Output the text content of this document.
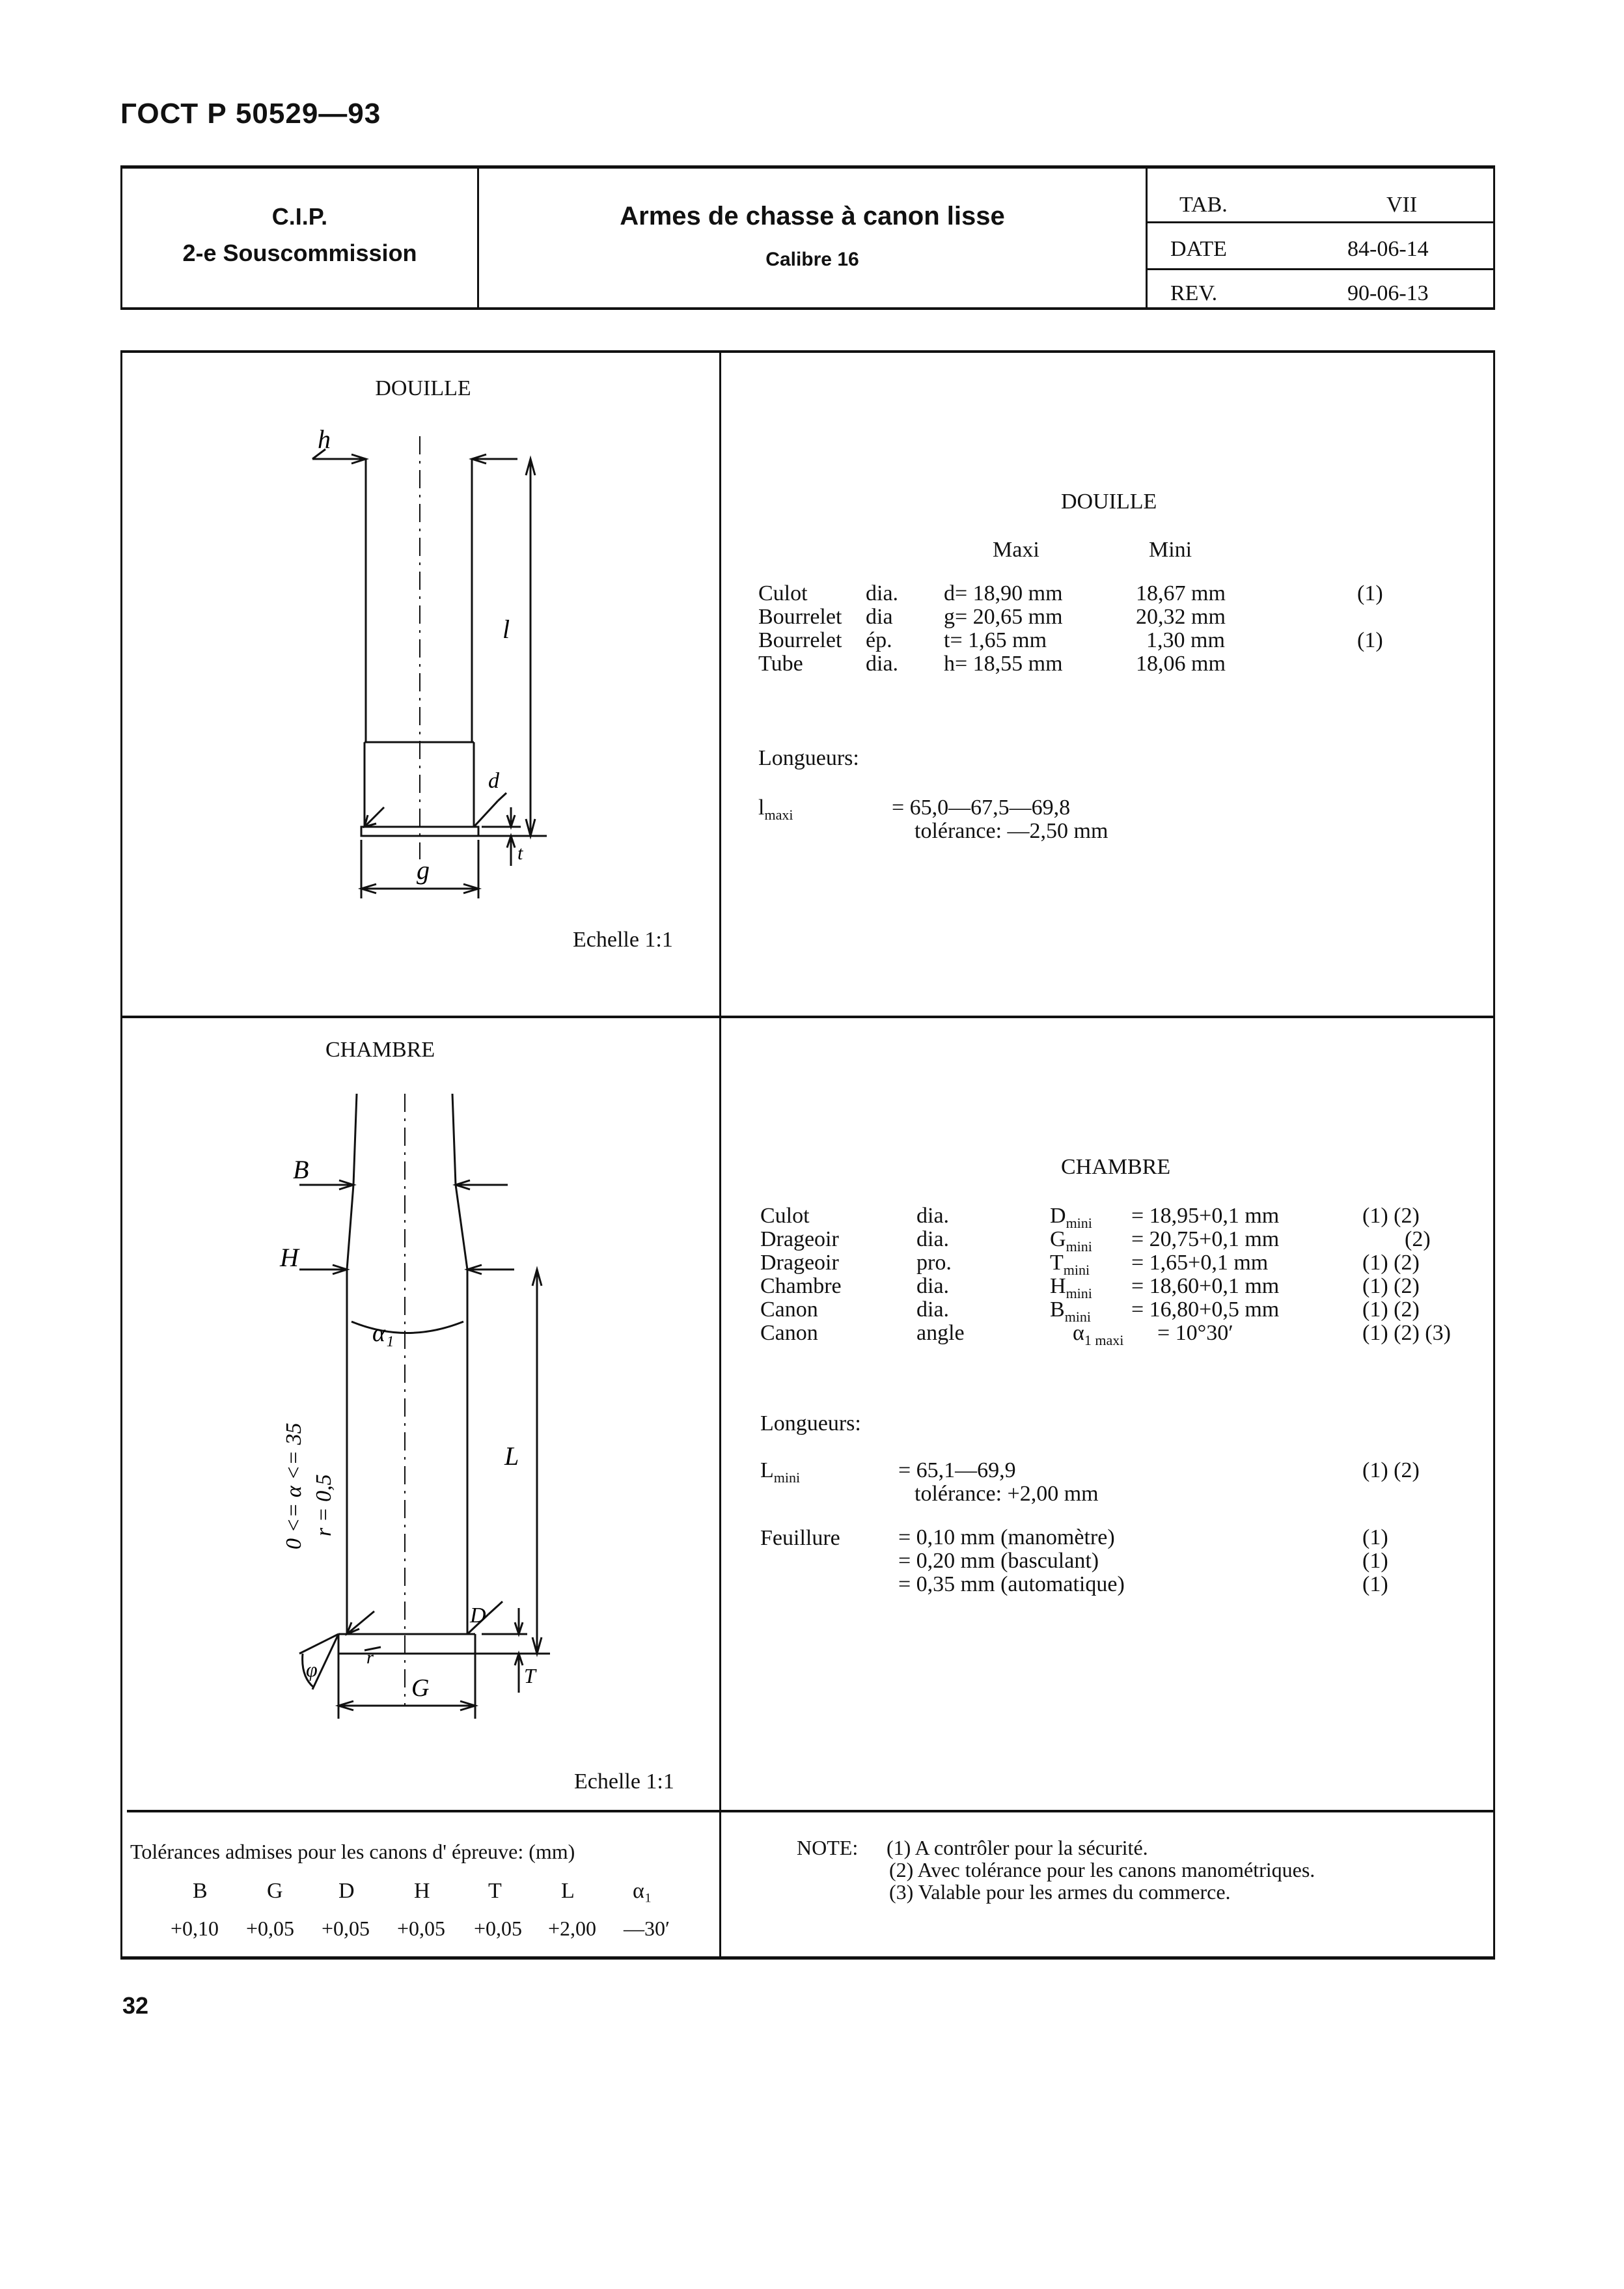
ГОСТ Р 50529—93
C.I.P.
2-e Souscommission
Armes de chasse à canon lisse
Calibre 16
TAB.	VII
DATE	84-06-14
REV.	90-06-13
DOUILLE
h
l
d
g
t
Echelle 1:1
DOUILLE
Maxi	Mini
Culot	dia. d= 18,90 mm	18,67 mm	(1)
Bourrelet dia g= 20,65 mm	20,32 mm
Bourrelet ép. t= 1,65 mm	1,30 mm	(1)
Tube	dia. h= 18,55 mm	18,06 mm
Longueurs:
$l_{maxi}$	= 65,0—67,5—69,8
tolérance: —2,50 mm
CHAMBRE
B
H
α₁
L
D
G	T
φ	r
0 <= α <= 35 r = 0,5
Echelle 1:1
CHAMBRE
Culot	dia.	$D_{mini} = 18,95+0,1$ mm	(1) (2)
Drageoir	dia.	$G_{mini} = 20,75+0,1$ mm	(2)
Drageoir	pro.	$T_{mini} = 1,65+0,1$ mm	(1) (2)
Chambre	dia.	$H_{mini} = 18,60+0,1$ mm	(1) (2)
Canon	dia.	$B_{mini} = 16,80+0,5$ mm	(1) (2)
Canon	angle	$\alpha_{1 maxi} = 10^\circ 30'$	(1) (2) (3)
Longueurs:
$L_{mini}$	= 65,1—69,9	(1) (2)
tolérance: +2,00 mm
Feuillure	= 0,10 mm (manomètre)	(1)
= 0,20 mm (basculant)	(1)
= 0,35 mm (automatique)	(1)
Tolérances admises pour les canons d' épreuve: (mm)
B	G	D	H	T	L	α₁
+0,10 +0,05 +0,05 +0,05 +0,05 +2,00 —30′
NOTE: (1) A contrôler pour la sécurité.
(2) Avec tolérance pour les canons manométriques.
(3) Valable pour les armes du commerce.
32
